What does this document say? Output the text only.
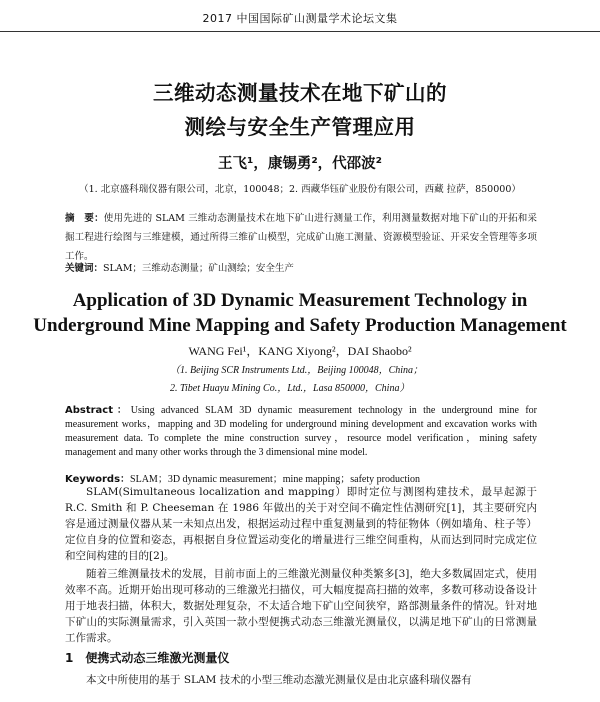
2017 中国国际矿山测量学术论坛文集
三维动态测量技术在地下矿山的
测绘与安全生产管理应用
王飞¹，康锡勇²，代邵波²
（1. 北京盛科瑞仪器有限公司，北京，100048；2. 西藏华钰矿业股份有限公司，西藏 拉萨，850000）
摘　要：使用先进的 SLAM 三维动态测量技术在地下矿山进行测量工作，利用测量数据对地下矿山的开拓和采掘工程进行绘图与三维建模，通过所得三维矿山模型，完成矿山施工测量、资源模型验证、开采安全管理等多项工作。
关键词：SLAM；三维动态测量；矿山测绘；安全生产
Application of 3D Dynamic Measurement Technology in
Underground Mine Mapping and Safety Production Management
WANG Fei¹，KANG Xiyong²，DAI Shaobo²
（1. Beijing SCR Instruments Ltd.，Beijing 100048，China；
2. Tibet Huayu Mining Co.，Ltd.，Lasa 850000，China）
Abstract：Using advanced SLAM 3D dynamic measurement technology in the underground mine for measurement works，mapping and 3D modeling for underground mining development and excavation works with measurement data. To complete the mine construction survey，resource model verification，mining safety management and many other works through the 3 dimensional mine model.
Keywords：SLAM；3D dynamic measurement；mine mapping；safety production
SLAM(Simultaneous localization and mapping）即时定位与测图构建技术，最早起源于 R.C. Smith 和 P. Cheeseman 在 1986 年做出的关于对空间不确定性估测研究[1]，其主要研究内容是通过测量仪器从某一未知点出发，根据运动过程中重复测量到的特征物体（例如墙角、柱子等）定位自身的位置和姿态，再根据自身位置运动变化的增量进行三维空间重构，从而达到同时完成定位和空间构建的目的[2]。
随着三维测量技术的发展，目前市面上的三维激光测量仪种类繁多[3]，绝大多数属固定式，使用效率不高。近期开始出现可移动的三维激光扫描仪，可大幅度提高扫描的效率，多数可移动设备设计用于地表扫描，体积大，数据处理复杂，不太适合地下矿山空间狭窄，路部测量条件的情况。针对地下矿山的实际测量需求，引入英国一款小型便携式动态三维激光测量仪，以满足地下矿山的日常测量工作需求。
1　便携式动态三维激光测量仪
本文中所使用的基于 SLAM 技术的小型三维动态激光测量仪是由北京盛科瑞仪器有
